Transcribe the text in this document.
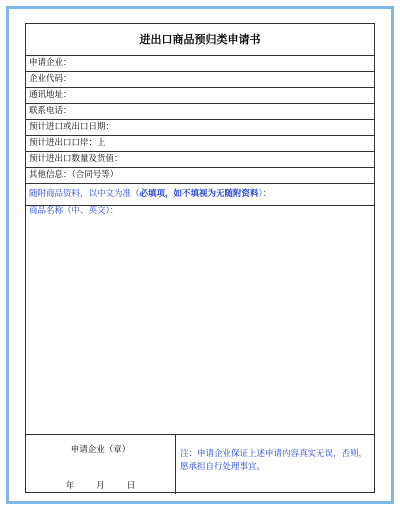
进出口商品预归类申请书
申请企业：
企业代码：
通讯地址：
联系电话：
预计进口或出口日期：
预计进出口口岸：上
预计进出口数量及货值：
其他信息：（合同号等）
随附商品资料，以中文为准（必填项，如不填视为无随附资料）：
商品名称（中、英文）：
申请企业（章）
年	月	日
注：申请企业保证上述申请内容真实无误，否则，愿承担自行处理事宜。
